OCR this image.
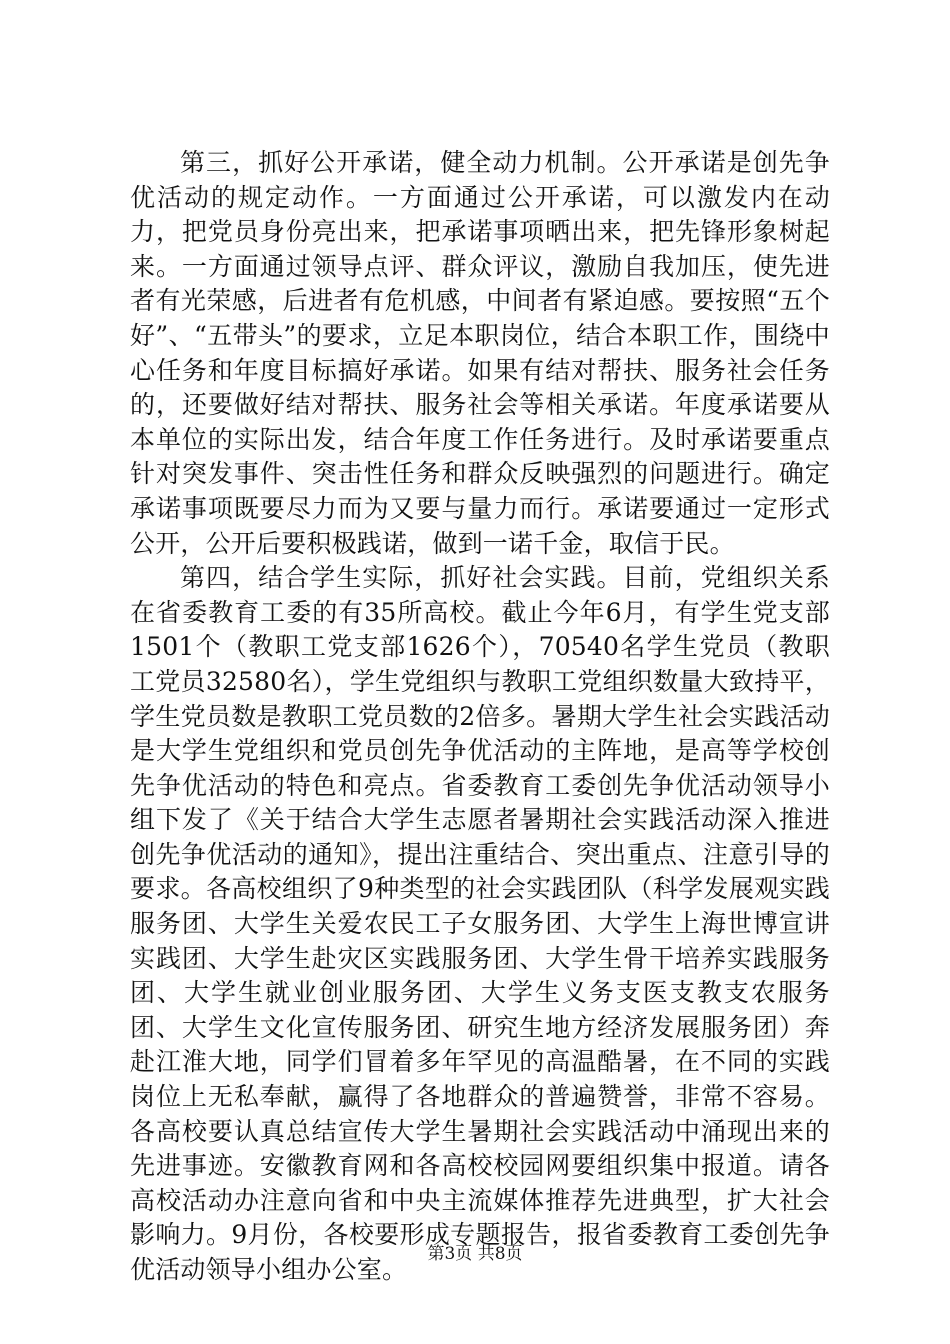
第三，抓好公开承诺，健全动力机制。公开承诺是创先争优活动的规定动作。一方面通过公开承诺，可以激发内在动力，把党员身份亮出来，把承诺事项晒出来，把先锋形象树起来。一方面通过领导点评、群众评议，激励自我加压，使先进者有光荣感，后进者有危机感，中间者有紧迫感。要按照“五个好”、“五带头”的要求，立足本职岗位，结合本职工作，围绕中心任务和年度目标搞好承诺。如果有结对帮扶、服务社会任务的，还要做好结对帮扶、服务社会等相关承诺。年度承诺要从本单位的实际出发，结合年度工作任务进行。及时承诺要重点针对突发事件、突击性任务和群众反映强烈的问题进行。确定承诺事项既要尽力而为又要与量力而行。承诺要通过一定形式公开，公开后要积极践诺，做到一诺千金，取信于民。

第四，结合学生实际，抓好社会实践。目前，党组织关系在省委教育工委的有35所高校。截止今年6月，有学生党支部1501个（教职工党支部1626个），70540名学生党员（教职工党员32580名），学生党组织与教职工党组织数量大致持平，学生党员数是教职工党员数的2倍多。暑期大学生社会实践活动是大学生党组织和党员创先争优活动的主阵地，是高等学校创先争优活动的特色和亮点。省委教育工委创先争优活动领导小组下发了《关于结合大学生志愿者暑期社会实践活动深入推进创先争优活动的通知》，提出注重结合、突出重点、注意引导的要求。各高校组织了9种类型的社会实践团队（科学发展观实践服务团、大学生关爱农民工子女服务团、大学生上海世博宣讲实践团、大学生赴灾区实践服务团、大学生骨干培养实践服务团、大学生就业创业服务团、大学生义务支医支教支农服务团、大学生文化宣传服务团、研究生地方经济发展服务团）奔赴江淮大地，同学们冒着多年罕见的高温酷暑，在不同的实践岗位上无私奉献，赢得了各地群众的普遍赞誉，非常不容易。各高校要认真总结宣传大学生暑期社会实践活动中涌现出来的先进事迹。安徽教育网和各高校校园网要组织集中报道。请各高校活动办注意向省和中央主流媒体推荐先进典型，扩大社会影响力。9月份，各校要形成专题报告，报省委教育工委创先争优活动领导小组办公室。

第3页 共8页
